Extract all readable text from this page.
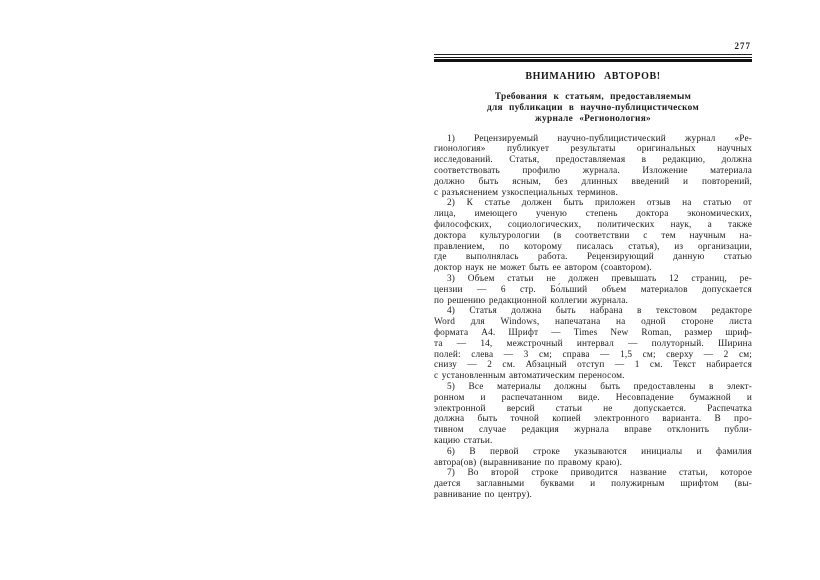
277
ВНИМАНИЮ АВТОРОВ!
Требования к статьям, предоставляемым
для публикации в научно-публицистическом
журнале «Регионология»
1) Рецензируемый научно-публицистический журнал «Ре-
гионология» публикует результаты оригинальных научных
исследований. Статья, предоставляемая в редакцию, должна
соответствовать профилю журнала. Изложение материала
должно быть ясным, без длинных введений и повторений,
с разъяснением узкоспециальных терминов.
2) К статье должен быть приложен отзыв на статью от
лица, имеющего ученую степень доктора экономических,
философских, социологических, политических наук, а также
доктора культурологии (в соответствии с тем научным на-
правлением, по которому писалась статья), из организации,
где выполнялась работа. Рецензирующий данную статью
доктор наук не может быть ее автором (соавтором).
3) Объем статьи не должен превышать 12 страниц, ре-
цензии — 6 стр. Бо́льший объем материалов допускается
по решению редакционной коллегии журнала.
4) Статья должна быть набрана в текстовом редакторе
Word для Windows, напечатана на одной стороне листа
формата А4. Шрифт — Times New Roman, размер шриф-
та — 14, межстрочный интервал — полуторный. Ширина
полей: слева — 3 см; справа — 1,5 см; сверху — 2 см;
снизу — 2 см. Абзацный отступ — 1 см. Текст набирается
с установленным автоматическим переносом.
5) Все материалы должны быть предоставлены в элект-
ронном и распечатанном виде. Несовпадение бумажной и
электронной версий статьи не допускается. Распечатка
должна быть точной копией электронного варианта. В про-
тивном случае редакция журнала вправе отклонить публи-
кацию статьи.
6) В первой строке указываются инициалы и фамилия
автора(ов) (выравнивание по правому краю).
7) Во второй строке приводится название статьи, которое
дается заглавными буквами и полужирным шрифтом (вы-
равнивание по центру).
